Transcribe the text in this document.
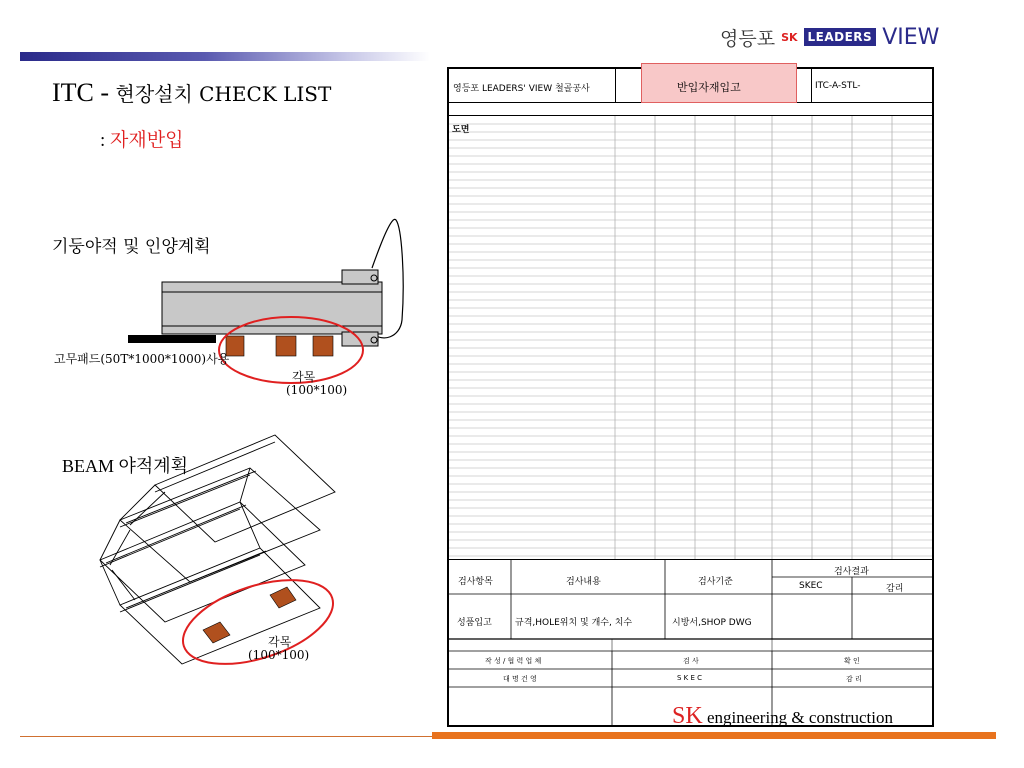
영등포 SK LEADERS VIEW
ITC - 현장설치 CHECK LIST
: 자재반입
기둥야적 및 인양계획
고무패드(50T*1000*1000)사용
각목
(100*100)
BEAM 야적계획
각목
(100*100)
영등포 LEADERS' VIEW 철골공사	반입자재입고	ITC-A-STL-
도면
검사항목	검사내용	검사기준
검사결과
SKEC	감리
성품입고	규격,HOLE위치 및 개수, 치수	시방서,SHOP DWG
작 성 / 협 력 업 체	검 사	확 인
대 명 건 영	S K E C	감 리
SK engineering & construction
